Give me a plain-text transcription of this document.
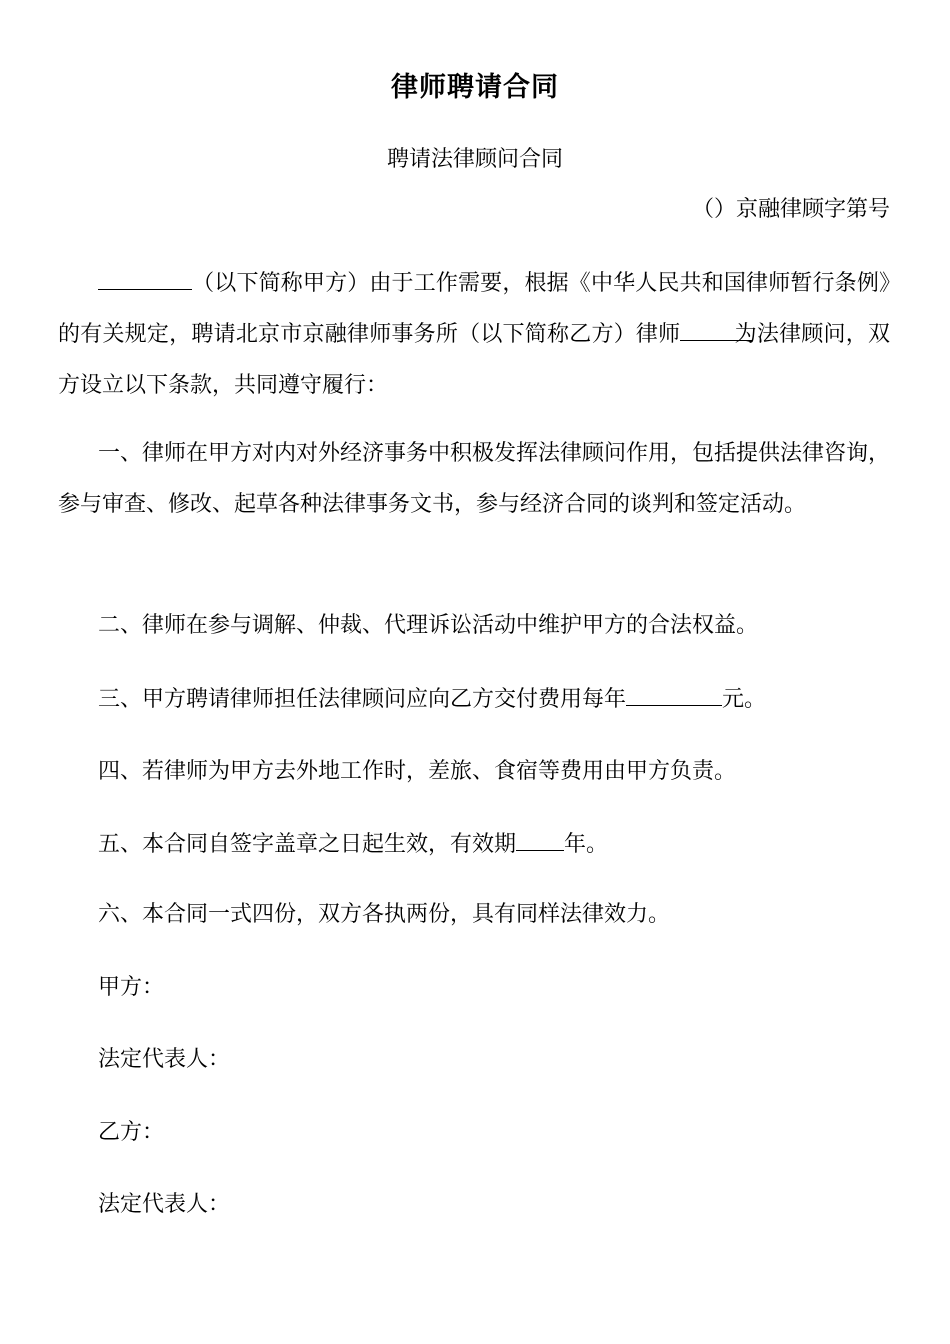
律师聘请合同
聘请法律顾问合同
（）京融律顾字第号
（以下简称甲方）由于工作需要，根据《中华人民共和国律师暂行条例》的有关规定，聘请北京市京融律师事务所（以下简称乙方）律师 为法律顾问，双方设立以下条款，共同遵守履行：
一、律师在甲方对内对外经济事务中积极发挥法律顾问作用，包括提供法律咨询，参与审查、修改、起草各种法律事务文书，参与经济合同的谈判和签定活动。
二、律师在参与调解、仲裁、代理诉讼活动中维护甲方的合法权益。
三、甲方聘请律师担任法律顾问应向乙方交付费用每年	元。
四、若律师为甲方去外地工作时，差旅、食宿等费用由甲方负责。
五、本合同自签字盖章之日起生效，有效期 年。
六、本合同一式四份，双方各执两份，具有同样法律效力。
甲方：
法定代表人：
乙方：
法定代表人：
